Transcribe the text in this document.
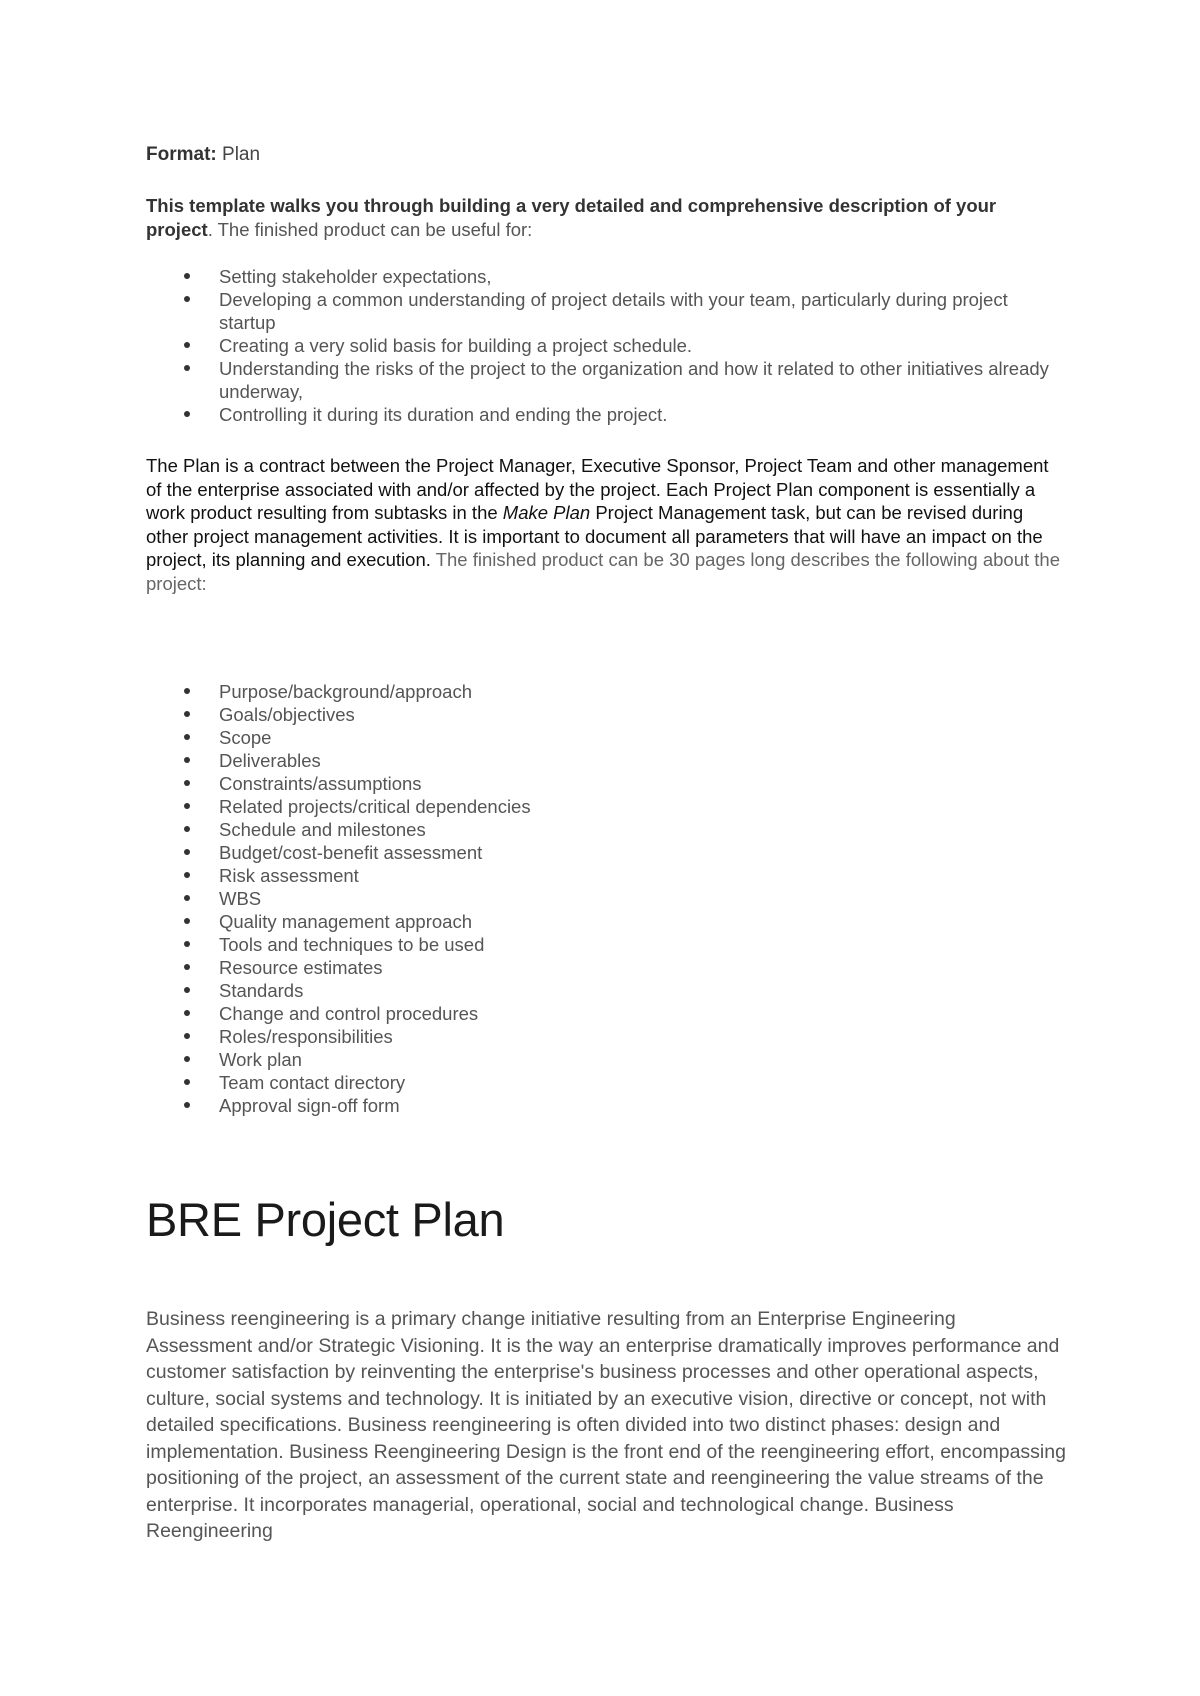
Format: Plan

This template walks you through building a very detailed and comprehensive description of your project. The finished product can be useful for:

Setting stakeholder expectations,
Developing a common understanding of project details with your team, particularly during project startup
Creating a very solid basis for building a project schedule.
Understanding the risks of the project to the organization and how it related to other initiatives already underway,
Controlling it during its duration and ending the project.

The Plan is a contract between the Project Manager, Executive Sponsor, Project Team and other management of the enterprise associated with and/or affected by the project. Each Project Plan component is essentially a work product resulting from subtasks in the Make Plan Project Management task, but can be revised during other project management activities. It is important to document all parameters that will have an impact on the project, its planning and execution. The finished product can be 30 pages long describes the following about the project:

Purpose/background/approach
Goals/objectives
Scope
Deliverables
Constraints/assumptions
Related projects/critical dependencies
Schedule and milestones
Budget/cost-benefit assessment
Risk assessment
WBS
Quality management approach
Tools and techniques to be used
Resource estimates
Standards
Change and control procedures
Roles/responsibilities
Work plan
Team contact directory
Approval sign-off form
BRE Project Plan

Business reengineering is a primary change initiative resulting from an Enterprise Engineering Assessment and/or Strategic Visioning. It is the way an enterprise dramatically improves performance and customer satisfaction by reinventing the enterprise's business processes and other operational aspects, culture, social systems and technology. It is initiated by an executive vision, directive or concept, not with detailed specifications. Business reengineering is often divided into two distinct phases: design and implementation. Business Reengineering Design is the front end of the reengineering effort, encompassing positioning of the project, an assessment of the current state and reengineering the value streams of the enterprise. It incorporates managerial, operational, social and technological change. Business Reengineering
